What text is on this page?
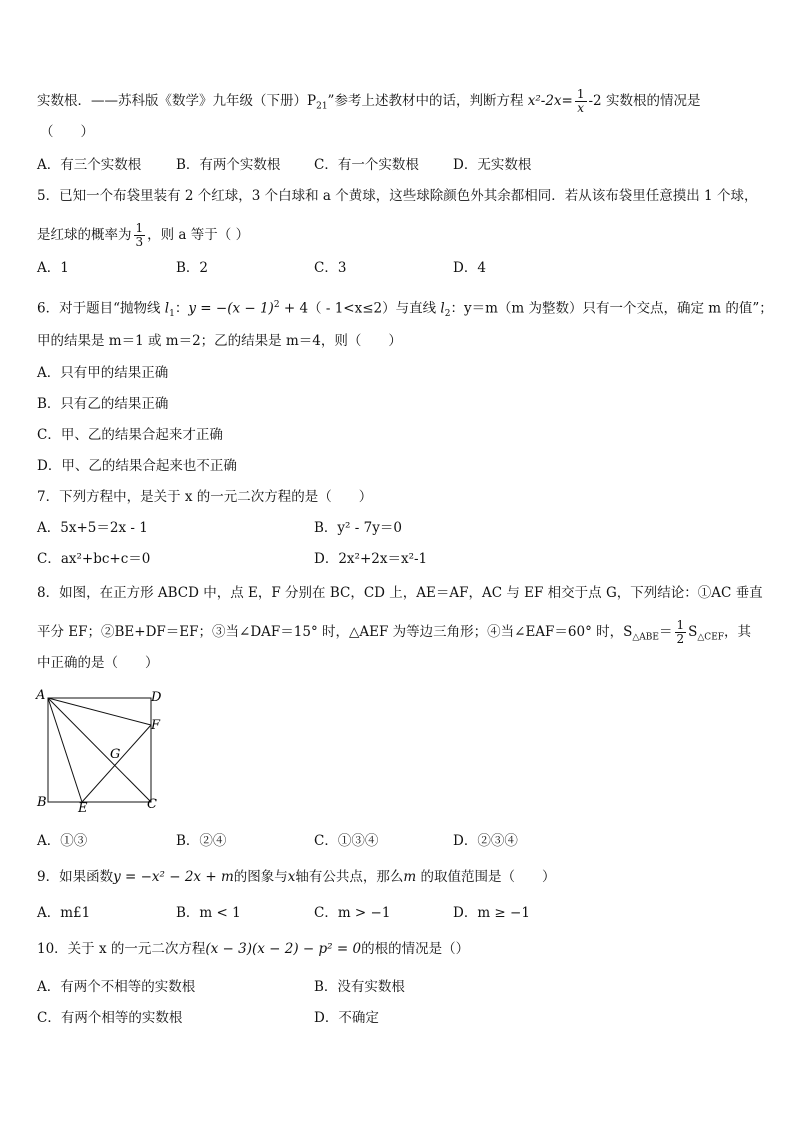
实数根．——苏科版《数学》九年级（下册）$P_{21}$”参考上述教材中的话，判断方程 $x^2-2x= \frac{1}{x} -2$ 实数根的情况是
（　　）
A．有三个实数根	B．有两个实数根 C．有一个实数根	D．无实数根
5．已知一个布袋里装有 2 个红球，3 个白球和 a 个黄球，这些球除颜色外其余都相同．若从该布袋里任意摸出 1 个球，
是红球的概率为 $\frac{1}{3}$ ，则 a 等于（ ）
A．1	B．2	C．3	D．4
6．对于题目“抛物线 $l_1$：$y = -(x - 1)^2 + 4( - 1<x\le 2)$与直线 $l_2$：y＝m（m 为整数）只有一个交点，确定 m 的值”；
甲的结果是 m＝1 或 m＝2；乙的结果是 m＝4，则（　　）
A．只有甲的结果正确
B．只有乙的结果正确
C．甲、乙的结果合起来才正确
D．甲、乙的结果合起来也不正确
7．下列方程中，是关于 x 的一元二次方程的是（　　）
A．5x+5＝2x - 1	B．y² - 7y＝0
C．ax²+bc+c＝0	D．2x²+2x＝x²-1
8．如图，在正方形 ABCD 中，点 E，F 分别在 BC，CD 上，AE＝AF，AC 与 EF 相交于点 G，下列结论：①AC 垂直
平分 EF；②BE+DF＝EF；③当∠DAF＝15° 时，△AEF 为等边三角形；④当∠EAF＝60° 时，$S_{\triangle ABE}= \frac{1}{2} S_{\triangle CEF}$，其
中正确的是（　　）
A	D
F
G
B E	C
A．①③	B．②④	C．①③④	D．②③④
9．如果函数y = −x² − 2x + m的图象与x轴有公共点，那么m 的取值范围是（　　）
A．m£1	B．m < 1	C．m > −1	D．m ≥ −1
10．关于 x 的一元二次方程(x − 3)(x − 2) − p² = 0的根的情况是（）
A．有两个不相等的实数根	B．没有实数根
C．有两个相等的实数根	D．不确定
